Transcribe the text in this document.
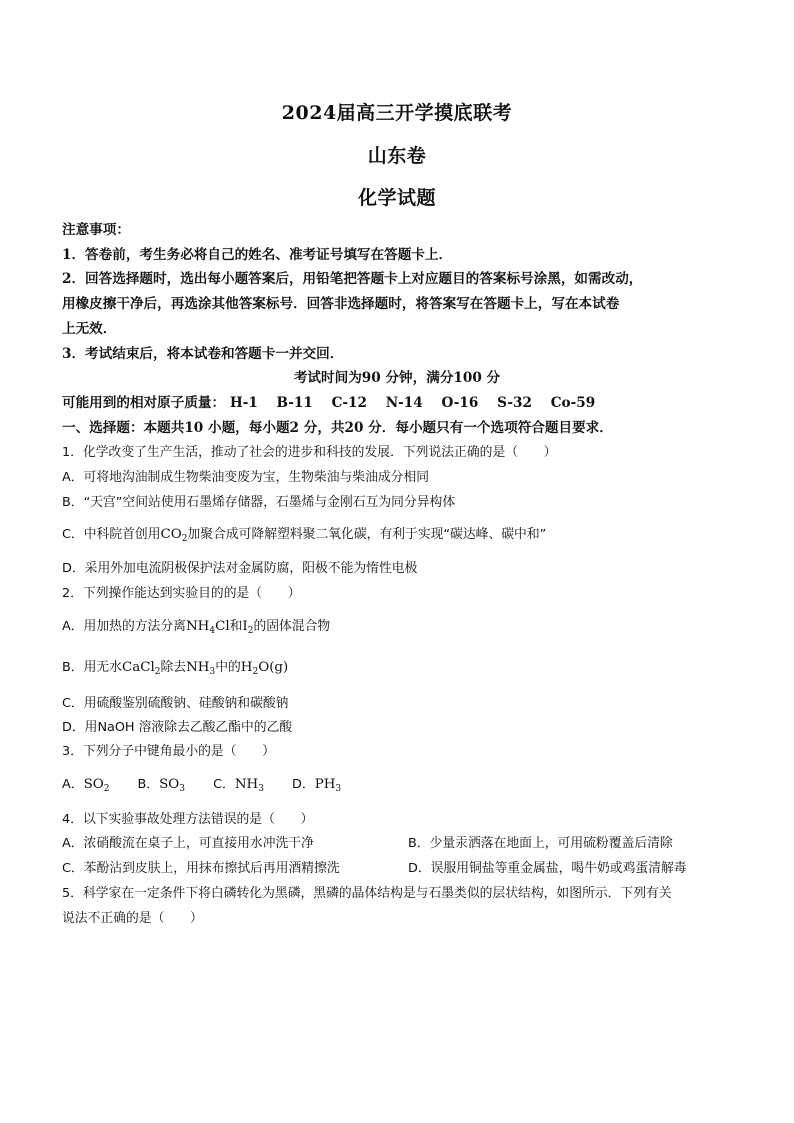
2024届高三开学摸底联考
山东卷
化学试题
注意事项：
1．答卷前，考生务必将自己的姓名、准考证号填写在答题卡上．
2．回答选择题时，选出每小题答案后，用铅笔把答题卡上对应题目的答案标号涂黑，如需改动，
用橡皮擦干净后，再选涂其他答案标号．回答非选择题时，将答案写在答题卡上，写在本试卷
上无效．
3．考试结束后，将本试卷和答题卡一并交回．
考试时间为90 分钟，满分100 分
可能用到的相对原子质量： H-1 B-11 C-12 N-14 O-16 S-32 Co-59
一、选择题：本题共10 小题，每小题2 分，共20 分．每小题只有一个选项符合题目要求．
1．化学改变了生产生活，推动了社会的进步和科技的发展．下列说法正确的是（　　）
A．可将地沟油制成生物柴油变废为宝，生物柴油与柴油成分相同
B．“天宫”空间站使用石墨烯存储器，石墨烯与金刚石互为同分异构体
C．中科院首创用$CO_2$加聚合成可降解塑料聚二氧化碳，有利于实现“碳达峰、碳中和”
D．采用外加电流阴极保护法对金属防腐，阳极不能为惰性电极
2．下列操作能达到实验目的的是（　　）
A．用加热的方法分离$NH_4Cl$和$I_2$的固体混合物
B．用无水CaCl$_2$除去$NH_3$中的$H_2O(g)$
C．用硫酸鉴别硫酸钠、硅酸钠和碳酸钠
D．用NaOH 溶液除去乙酸乙酯中的乙酸
3．下列分子中键角最小的是（　　）
A．$SO_2$ B．$SO_3$ C．$NH_3$ D．$PH_3$
4．以下实验事故处理方法错误的是（　　）
A．浓硝酸流在桌子上，可直接用水冲洗干净	B．少量汞洒落在地面上，可用硫粉覆盖后清除
C．苯酚沾到皮肤上，用抹布擦拭后再用酒精擦洗	D．误服用铜盐等重金属盐，喝牛奶或鸡蛋清解毒
5．科学家在一定条件下将白磷转化为黑磷，黑磷的晶体结构是与石墨类似的层状结构，如图所示．下列有关
说法不正确的是（　　）
